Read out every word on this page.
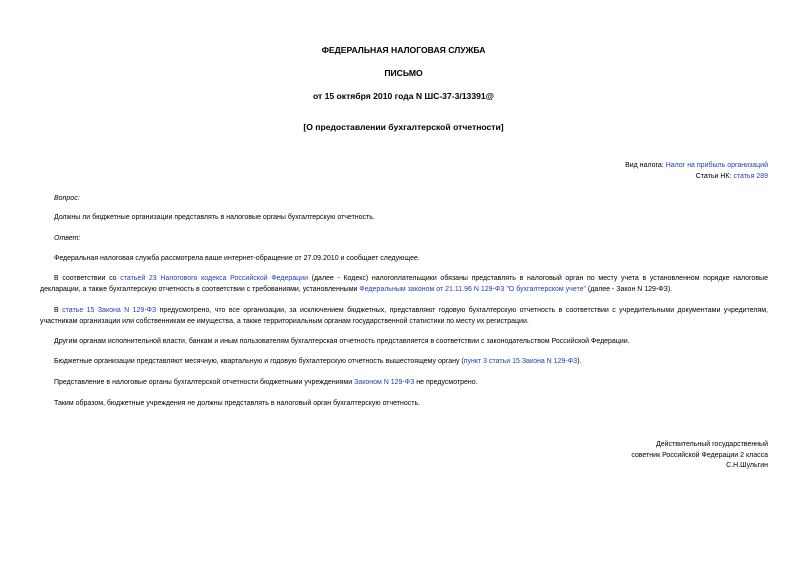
ФЕДЕРАЛЬНАЯ НАЛОГОВАЯ СЛУЖБА
ПИСЬМО
от 15 октября 2010 года N ШС-37-3/13391@
[О предоставлении бухгалтерской отчетности]
Вид налога: Налог на прибыль организаций
Статьи НК: статья 289
Вопрос:
Должны ли бюджетные организации представлять в налоговые органы бухгалтерскую отчетность.
Ответ:
Федеральная налоговая служба рассмотрела ваше интернет-обращение от 27.09.2010 и сообщает следующее.
В соответствии со статьей 23 Налогового кодекса Российской Федерации (далее - Кодекс) налогоплательщики обязаны представлять в налоговый орган по месту учета в установленном порядке налоговые декларации, а также бухгалтерскую отчетность в соответствии с требованиями, установленными Федеральным законом от 21.11.96 N 129-ФЗ "О бухгалтерском учете" (далее - Закон N 129-ФЗ).
В статье 15 Закона N 129-ФЗ предусмотрено, что все организации, за исключением бюджетных, представляют годовую бухгалтерскую отчетность в соответствии с учредительными документами учредителям, участникам организации или собственникам ее имущества, а также территориальным органам государственной статистики по месту их регистрации.
Другим органам исполнительной власти, банкам и иным пользователям бухгалтерская отчетность представляется в соответствии с законодательством Российской Федерации.
Бюджетные организации представляют месячную, квартальную и годовую бухгалтерскую отчетность вышестоящему органу (пункт 3 статьи 15 Закона N 129-ФЗ).
Представление в налоговые органы бухгалтерской отчетности бюджетными учреждениями Законом N 129-ФЗ не предусмотрено.
Таким образом, бюджетные учреждения не должны представлять в налоговый орган бухгалтерскую отчетность.
Действительный государственный
советник Российской Федерации 2 класса
С.Н.Шульгин
